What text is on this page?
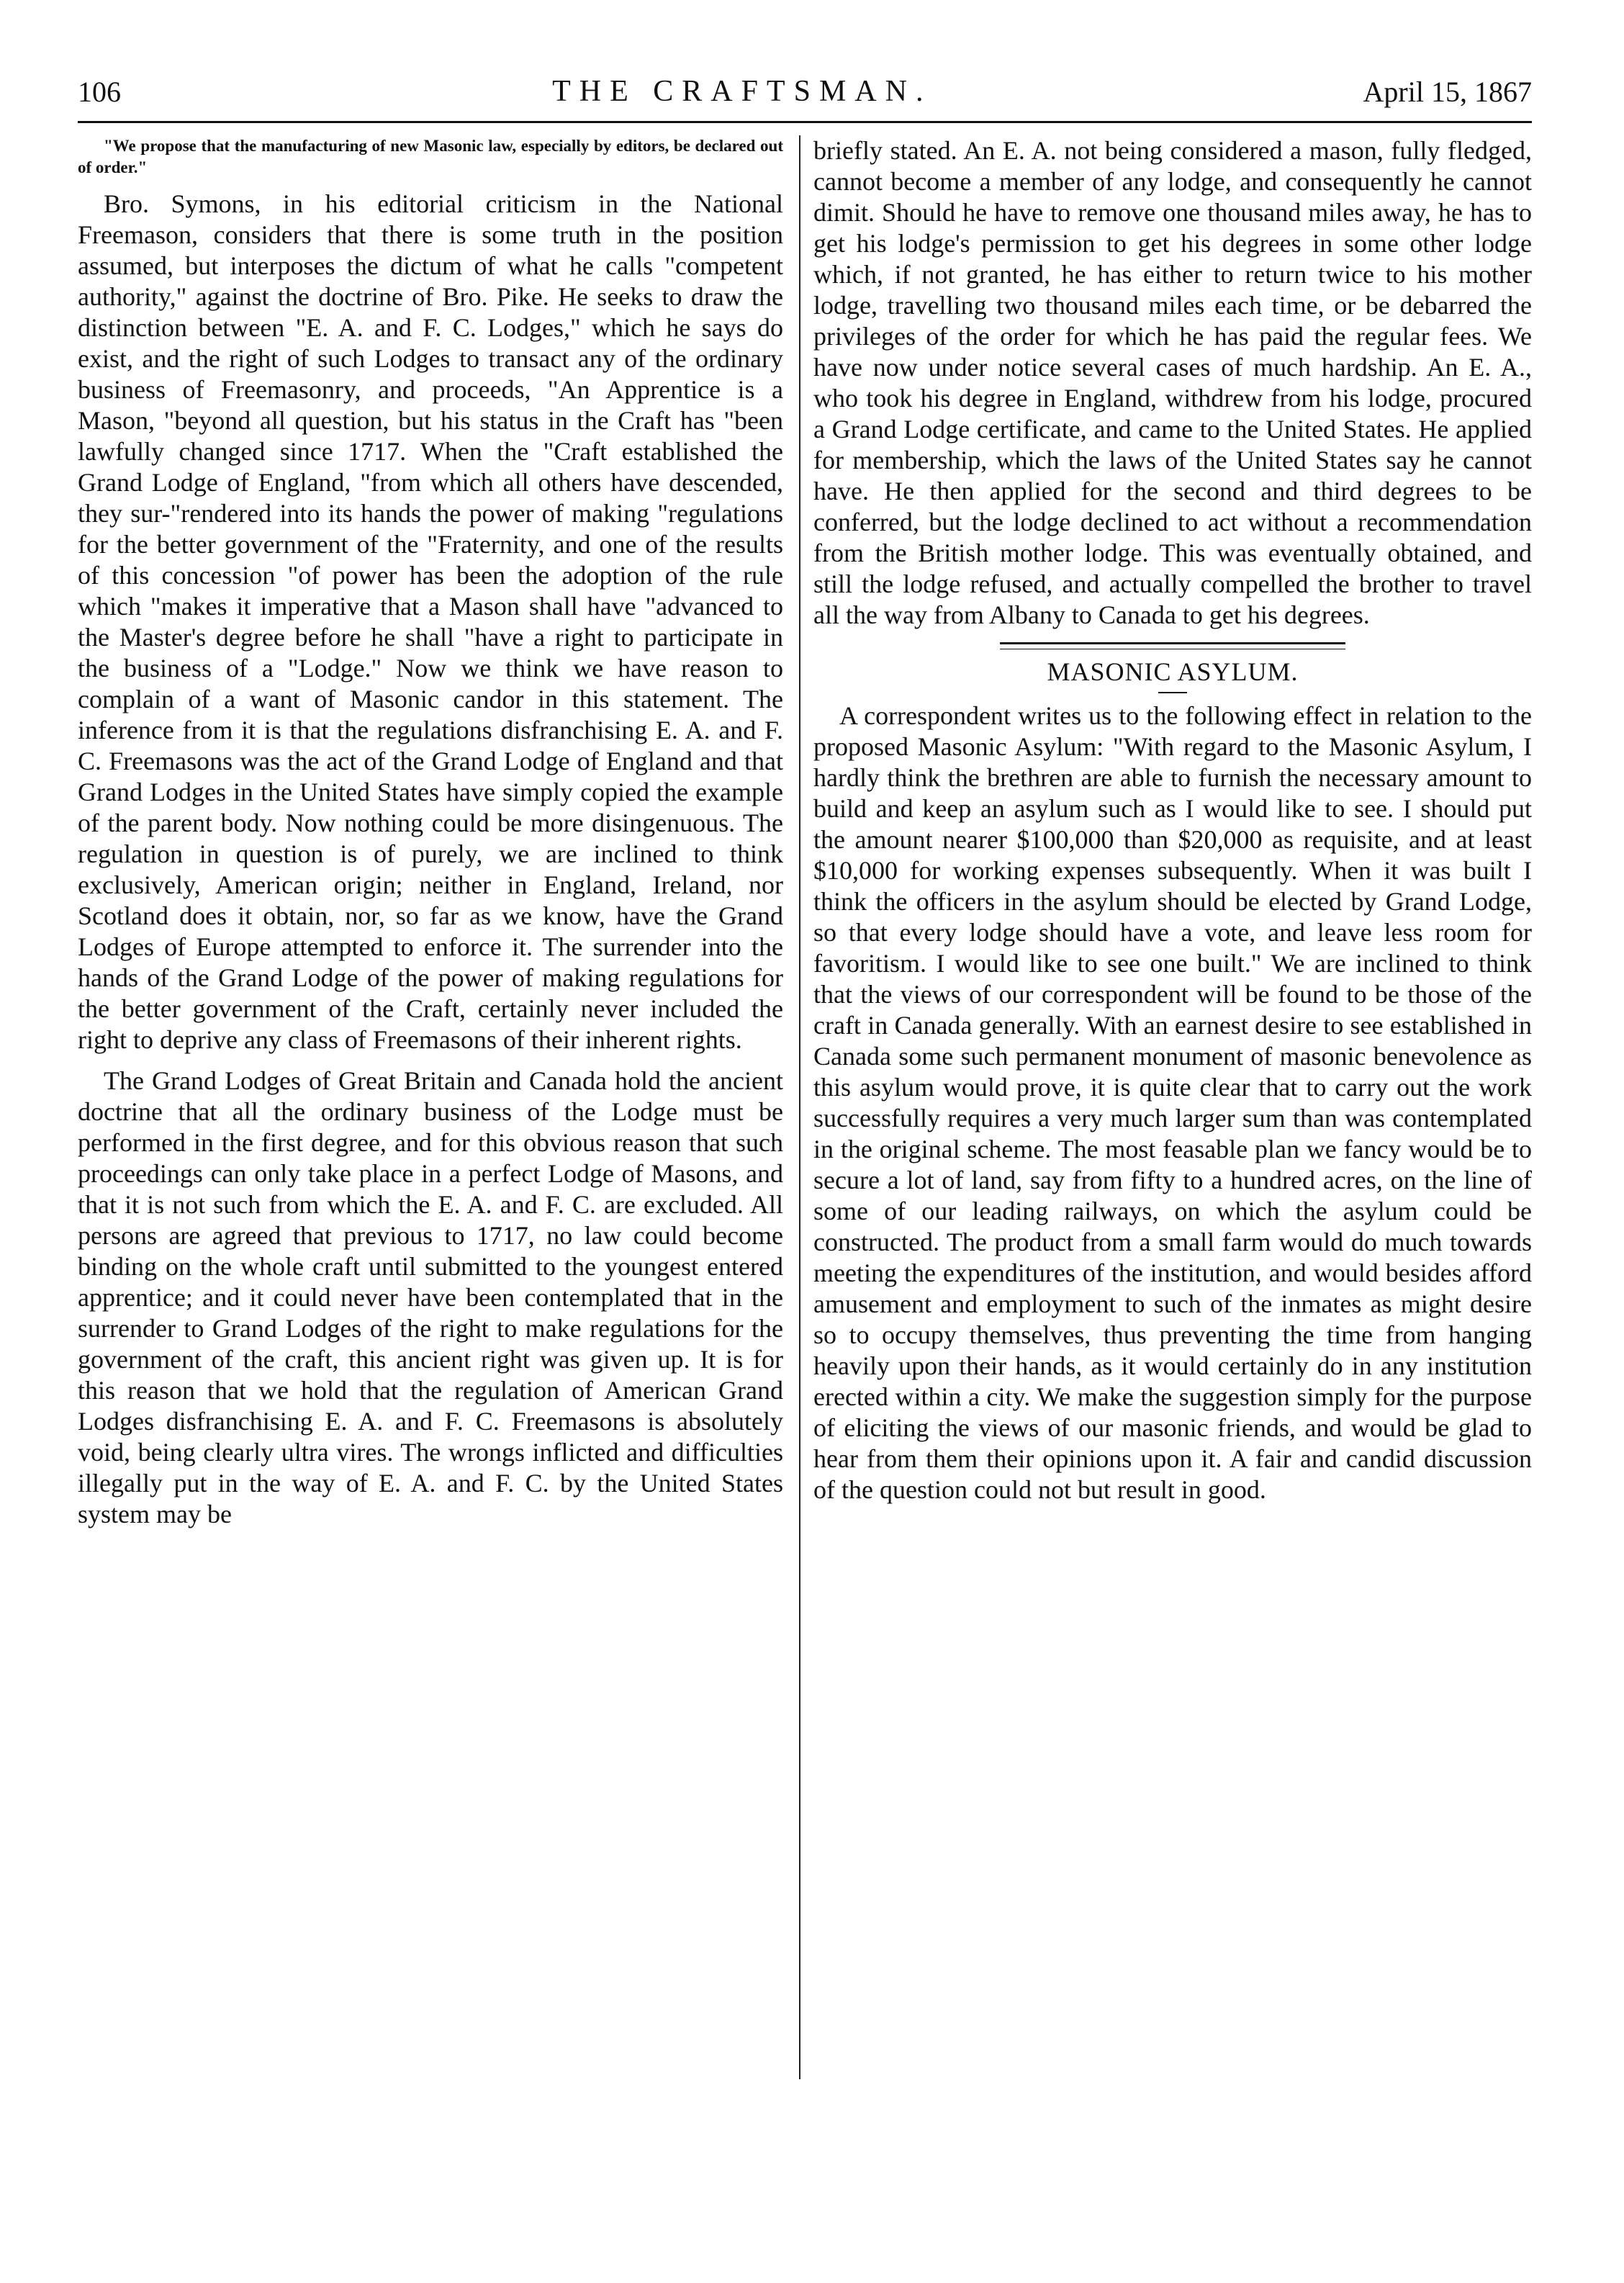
106	THE CRAFTSMAN.	April 15, 1867

"We propose that the manufacturing of new Masonic law, especially by editors, be declared out of order."

Bro. Symons, in his editorial criticism in the National Freemason, considers that there is some truth in the position assumed, but interposes the dictum of what he calls "competent authority," against the doctrine of Bro. Pike. He seeks to draw the distinction between "E. A. and F. C. Lodges," which he says do exist, and the right of such Lodges to transact any of the ordinary business of Freemasonry, and proceeds, "An Apprentice is a Mason, "beyond all question, but his status in the Craft has "been lawfully changed since 1717. When the "Craft established the Grand Lodge of England, "from which all others have descended, they sur-"rendered into its hands the power of making "regulations for the better government of the "Fraternity, and one of the results of this concession "of power has been the adoption of the rule which "makes it imperative that a Mason shall have "advanced to the Master's degree before he shall "have a right to participate in the business of a "Lodge." Now we think we have reason to complain of a want of Masonic candor in this statement. The inference from it is that the regulations disfranchising E. A. and F. C. Freemasons was the act of the Grand Lodge of England and that Grand Lodges in the United States have simply copied the example of the parent body. Now nothing could be more disingenuous. The regulation in question is of purely, we are inclined to think exclusively, American origin; neither in England, Ireland, nor Scotland does it obtain, nor, so far as we know, have the Grand Lodges of Europe attempted to enforce it. The surrender into the hands of the Grand Lodge of the power of making regulations for the better government of the Craft, certainly never included the right to deprive any class of Freemasons of their inherent rights.

The Grand Lodges of Great Britain and Canada hold the ancient doctrine that all the ordinary business of the Lodge must be performed in the first degree, and for this obvious reason that such proceedings can only take place in a perfect Lodge of Masons, and that it is not such from which the E. A. and F. C. are excluded. All persons are agreed that previous to 1717, no law could become binding on the whole craft until submitted to the youngest entered apprentice; and it could never have been contemplated that in the surrender to Grand Lodges of the right to make regulations for the government of the craft, this ancient right was given up. It is for this reason that we hold that the regulation of American Grand Lodges disfranchising E. A. and F. C. Freemasons is absolutely void, being clearly ultra vires. The wrongs inflicted and difficulties illegally put in the way of E. A. and F. C. by the United States system may be

briefly stated. An E. A. not being considered a mason, fully fledged, cannot become a member of any lodge, and consequently he cannot dimit. Should he have to remove one thousand miles away, he has to get his lodge's permission to get his degrees in some other lodge which, if not granted, he has either to return twice to his mother lodge, travelling two thousand miles each time, or be debarred the privileges of the order for which he has paid the regular fees. We have now under notice several cases of much hardship. An E. A., who took his degree in England, withdrew from his lodge, procured a Grand Lodge certificate, and came to the United States. He applied for membership, which the laws of the United States say he cannot have. He then applied for the second and third degrees to be conferred, but the lodge declined to act without a recommendation from the British mother lodge. This was eventually obtained, and still the lodge refused, and actually compelled the brother to travel all the way from Albany to Canada to get his degrees.

MASONIC ASYLUM.

A correspondent writes us to the following effect in relation to the proposed Masonic Asylum: "With regard to the Masonic Asylum, I hardly think the brethren are able to furnish the necessary amount to build and keep an asylum such as I would like to see. I should put the amount nearer $100,000 than $20,000 as requisite, and at least $10,000 for working expenses subsequently. When it was built I think the officers in the asylum should be elected by Grand Lodge, so that every lodge should have a vote, and leave less room for favoritism. I would like to see one built." We are inclined to think that the views of our correspondent will be found to be those of the craft in Canada generally. With an earnest desire to see established in Canada some such permanent monument of masonic benevolence as this asylum would prove, it is quite clear that to carry out the work successfully requires a very much larger sum than was contemplated in the original scheme. The most feasable plan we fancy would be to secure a lot of land, say from fifty to a hundred acres, on the line of some of our leading railways, on which the asylum could be constructed. The product from a small farm would do much towards meeting the expenditures of the institution, and would besides afford amusement and employment to such of the inmates as might desire so to occupy themselves, thus preventing the time from hanging heavily upon their hands, as it would certainly do in any institution erected within a city. We make the suggestion simply for the purpose of eliciting the views of our masonic friends, and would be glad to hear from them their opinions upon it. A fair and candid discussion of the question could not but result in good.
